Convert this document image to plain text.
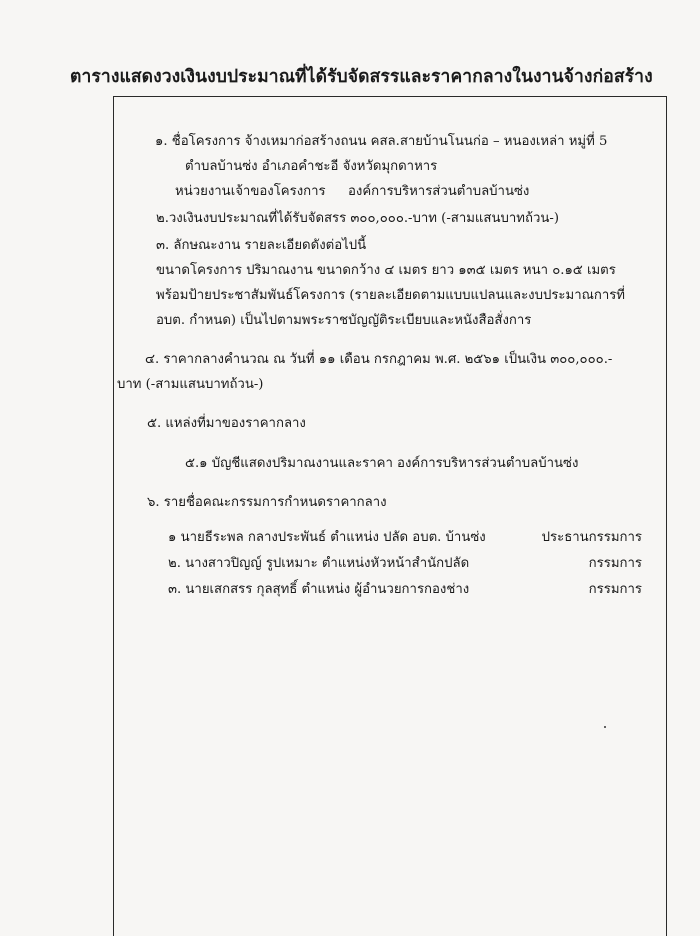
ตารางแสดงวงเงินงบประมาณที่ได้รับจัดสรรและราคากลางในงานจ้างก่อสร้าง
๑. ชื่อโครงการ จ้างเหมาก่อสร้างถนน คสล.สายบ้านโนนก่อ – หนองเหล่า หมู่ที่ 5
ตำบลบ้านซ่ง อำเภอคำชะอี จังหวัดมุกดาหาร
หน่วยงานเจ้าของโครงการ องค์การบริหารส่วนตำบลบ้านซ่ง
๒.วงเงินงบประมาณที่ได้รับจัดสรร ๓๐๐,๐๐๐.-บาท (-สามแสนบาทถ้วน-)
๓. ลักษณะงาน รายละเอียดดังต่อไปนี้
ขนาดโครงการ ปริมาณงาน ขนาดกว้าง ๔ เมตร ยาว ๑๓๕ เมตร หนา ๐.๑๕ เมตร
พร้อมป้ายประชาสัมพันธ์โครงการ (รายละเอียดตามแบบแปลนและงบประมาณการที่
อบต. กำหนด) เป็นไปตามพระราชบัญญัติระเบียบและหนังสือสั่งการ
๔. ราคากลางคำนวณ ณ วันที่ ๑๑ เดือน กรกฎาคม พ.ศ. ๒๕๖๑ เป็นเงิน ๓๐๐,๐๐๐.-
บาท (-สามแสนบาทถ้วน-)
๕. แหล่งที่มาของราคากลาง
๕.๑ บัญชีแสดงปริมาณงานและราคา องค์การบริหารส่วนตำบลบ้านซ่ง
๖. รายชื่อคณะกรรมการกำหนดราคากลาง
๑ นายธีระพล กลางประพันธ์ ตำแหน่ง ปลัด อบต. บ้านซ่ง	ประธานกรรมการ
๒. นางสาวปิญญ์ รูปเหมาะ ตำแหน่งหัวหน้าสำนักปลัด	กรรมการ
๓. นายเสกสรร กุลสุทธิ์ ตำแหน่ง ผู้อำนวยการกองช่าง	กรรมการ
